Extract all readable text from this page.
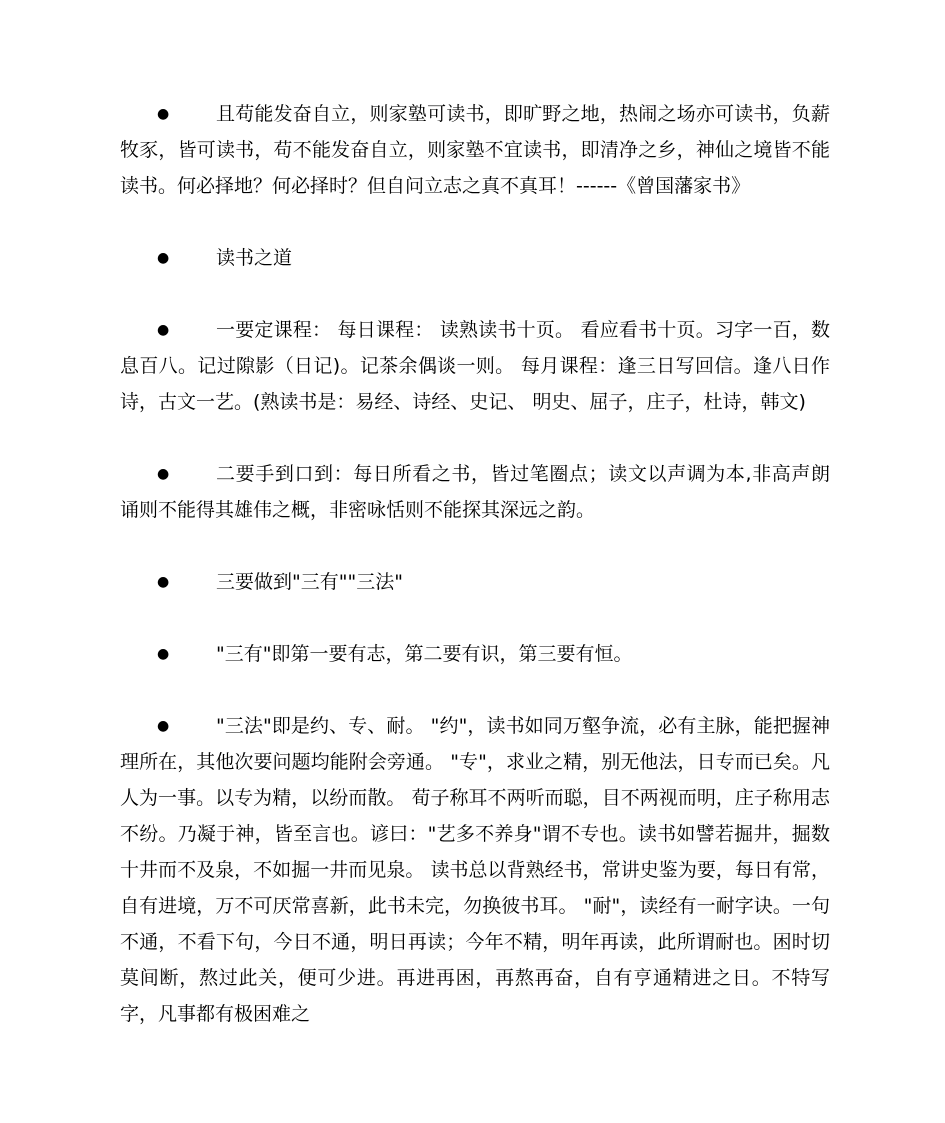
● 且苟能发奋自立，则家塾可读书，即旷野之地，热闹之场亦可读书，负薪牧豕，皆可读书，苟不能发奋自立，则家塾不宜读书，即清净之乡，神仙之境皆不能读书。何必择地？何必择时？但自问立志之真不真耳！------《曾国藩家书》
● 读书之道
● 一要定课程： 每日课程： 读熟读书十页。 看应看书十页。习字一百，数息百八。记过隙影（日记)。记茶余偶谈一则。 每月课程：逢三日写回信。逢八日作诗，古文一艺。(熟读书是：易经、诗经、史记、 明史、屈子，庄子，杜诗，韩文)
● 二要手到口到：每日所看之书，皆过笔圈点；读文以声调为本,非高声朗诵则不能得其雄伟之概，非密咏恬则不能探其深远之韵。
● 三要做到"三有""三法"
● "三有"即第一要有志，第二要有识，第三要有恒。
● "三法"即是约、专、耐。 "约"，读书如同万壑争流，必有主脉，能把握神理所在，其他次要问题均能附会旁通。 "专"，求业之精，别无他法，日专而已矣。凡人为一事。以专为精，以纷而散。 荀子称耳不两听而聪，目不两视而明，庄子称用志不纷。乃凝于神，皆至言也。谚曰："艺多不养身"谓不专也。读书如譬若掘井，掘数十井而不及泉，不如掘一井而见泉。 读书总以背熟经书，常讲史鉴为要，每日有常，自有进境，万不可厌常喜新，此书未完，勿换彼书耳。 "耐"，读经有一耐字诀。一句不通，不看下句，今日不通，明日再读；今年不精，明年再读，此所谓耐也。困时切莫间断，熬过此关，便可少进。再进再困，再熬再奋，自有亨通精进之日。不特写字，凡事都有极困难之
